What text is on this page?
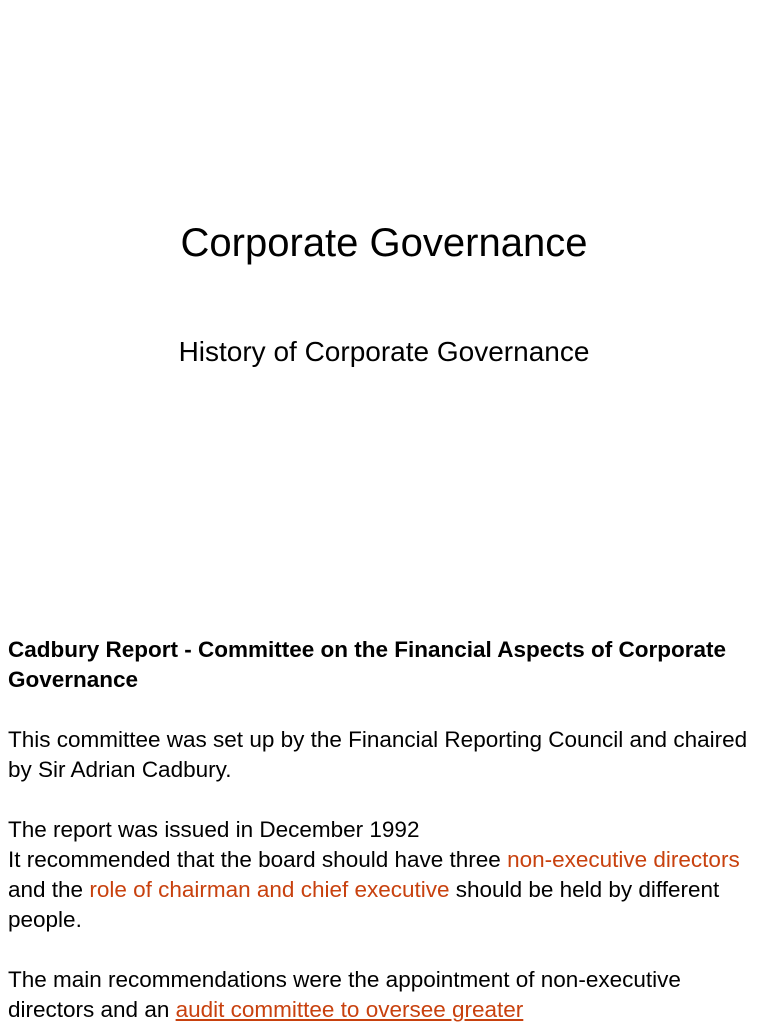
Corporate Governance
History of Corporate Governance

Cadbury Report - Committee on the Financial Aspects of Corporate Governance

This committee was set up by the Financial Reporting Council and chaired by Sir Adrian Cadbury.

The report was issued in December 1992

It recommended that the board should have three non-executive directors and the role of chairman and chief executive should be held by different people.

The main recommendations were the appointment of non-executive directors and an audit committee to oversee greater
